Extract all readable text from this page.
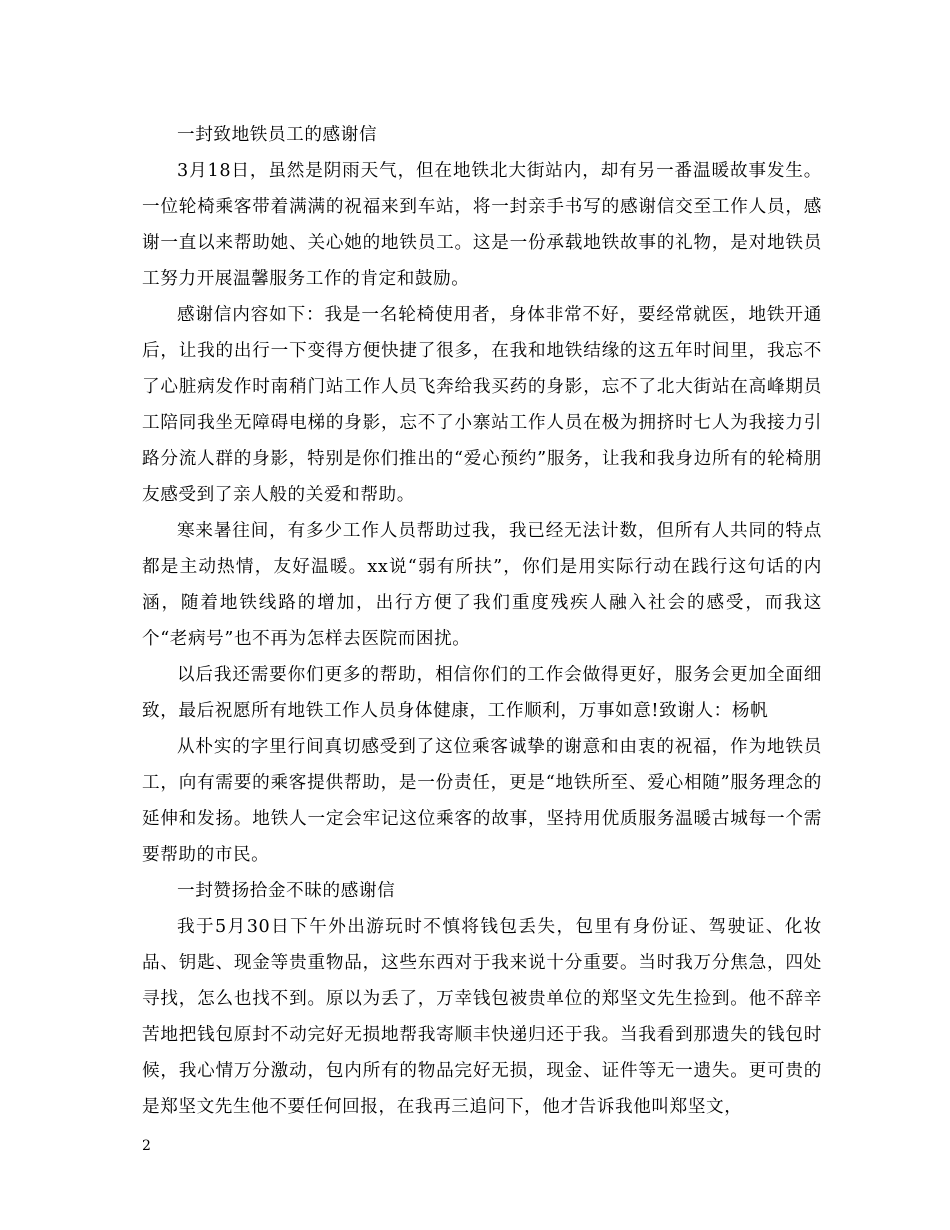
一封致地铁员工的感谢信

3月18日，虽然是阴雨天气，但在地铁北大街站内，却有另一番温暖故事发生。一位轮椅乘客带着满满的祝福来到车站，将一封亲手书写的感谢信交至工作人员，感谢一直以来帮助她、关心她的地铁员工。这是一份承载地铁故事的礼物，是对地铁员工努力开展温馨服务工作的肯定和鼓励。

感谢信内容如下：我是一名轮椅使用者，身体非常不好，要经常就医，地铁开通后，让我的出行一下变得方便快捷了很多，在我和地铁结缘的这五年时间里，我忘不了心脏病发作时南稍门站工作人员飞奔给我买药的身影，忘不了北大街站在高峰期员工陪同我坐无障碍电梯的身影，忘不了小寨站工作人员在极为拥挤时七人为我接力引路分流人群的身影，特别是你们推出的“爱心预约”服务，让我和我身边所有的轮椅朋友感受到了亲人般的关爱和帮助。

寒来暑往间，有多少工作人员帮助过我，我已经无法计数，但所有人共同的特点都是主动热情，友好温暖。xx说“弱有所扶”，你们是用实际行动在践行这句话的内涵，随着地铁线路的增加，出行方便了我们重度残疾人融入社会的感受，而我这个“老病号”也不再为怎样去医院而困扰。

以后我还需要你们更多的帮助，相信你们的工作会做得更好，服务会更加全面细致，最后祝愿所有地铁工作人员身体健康，工作顺利，万事如意!致谢人：杨帆

从朴实的字里行间真切感受到了这位乘客诚挚的谢意和由衷的祝福，作为地铁员工，向有需要的乘客提供帮助，是一份责任，更是“地铁所至、爱心相随”服务理念的延伸和发扬。地铁人一定会牢记这位乘客的故事，坚持用优质服务温暖古城每一个需要帮助的市民。

一封赞扬拾金不昧的感谢信

我于5月30日下午外出游玩时不慎将钱包丢失，包里有身份证、驾驶证、化妆品、钥匙、现金等贵重物品，这些东西对于我来说十分重要。当时我万分焦急，四处寻找，怎么也找不到。原以为丢了，万幸钱包被贵单位的郑坚文先生捡到。他不辞辛苦地把钱包原封不动完好无损地帮我寄顺丰快递归还于我。当我看到那遗失的钱包时候，我心情万分激动，包内所有的物品完好无损，现金、证件等无一遗失。更可贵的是郑坚文先生他不要任何回报，在我再三追问下，他才告诉我他叫郑坚文，

2
